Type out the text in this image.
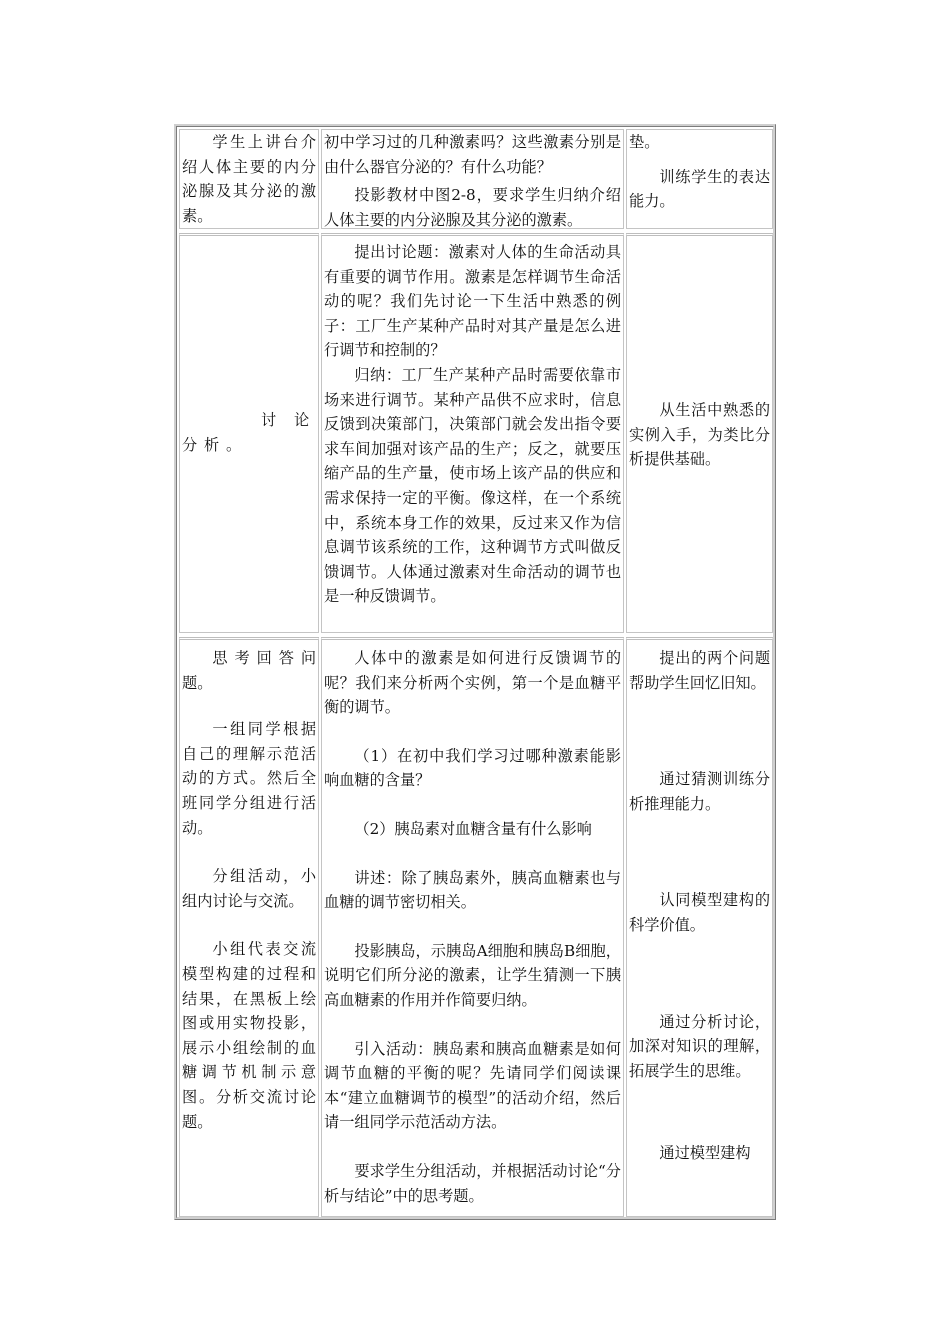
学生上讲台介绍人体主要的内分泌腺及其分泌的激素。

初中学习过的几种激素吗？这些激素分别是由什么器官分泌的？有什么功能？

投影教材中图2-8，要求学生归纳介绍人体主要的内分泌腺及其分泌的激素。

垫。

训练学生的表达能力。

讨论分析。

提出讨论题：激素对人体的生命活动具有重要的调节作用。激素是怎样调节生命活动的呢？我们先讨论一下生活中熟悉的例子：工厂生产某种产品时对其产量是怎么进行调节和控制的？

归纳：工厂生产某种产品时需要依靠市场来进行调节。某种产品供不应求时，信息反馈到决策部门，决策部门就会发出指令要求车间加强对该产品的生产；反之，就要压缩产品的生产量，使市场上该产品的供应和需求保持一定的平衡。像这样，在一个系统中，系统本身工作的效果，反过来又作为信息调节该系统的工作，这种调节方式叫做反馈调节。人体通过激素对生命活动的调节也是一种反馈调节。

从生活中熟悉的实例入手，为类比分析提供基础。

思考回答问题。

一组同学根据自己的理解示范活动的方式。然后全班同学分组进行活动。

分组活动，小组内讨论与交流。

小组代表交流模型构建的过程和结果，在黑板上绘图或用实物投影，展示小组绘制的血糖调节机制示意图。分析交流讨论题。

人体中的激素是如何进行反馈调节的呢？我们来分析两个实例，第一个是血糖平衡的调节。

（1）在初中我们学习过哪种激素能影响血糖的含量？

（2）胰岛素对血糖含量有什么影响

讲述：除了胰岛素外，胰高血糖素也与血糖的调节密切相关。

投影胰岛，示胰岛A细胞和胰岛B细胞，说明它们所分泌的激素，让学生猜测一下胰高血糖素的作用并作简要归纳。

引入活动：胰岛素和胰高血糖素是如何调节血糖的平衡的呢？先请同学们阅读课本“建立血糖调节的模型”的活动介绍，然后请一组同学示范活动方法。

要求学生分组活动，并根据活动讨论“分析与结论”中的思考题。

提出的两个问题帮助学生回忆旧知。

通过猜测训练分析推理能力。

认同模型建构的科学价值。

通过分析讨论，加深对知识的理解，拓展学生的思维。

通过模型建构
